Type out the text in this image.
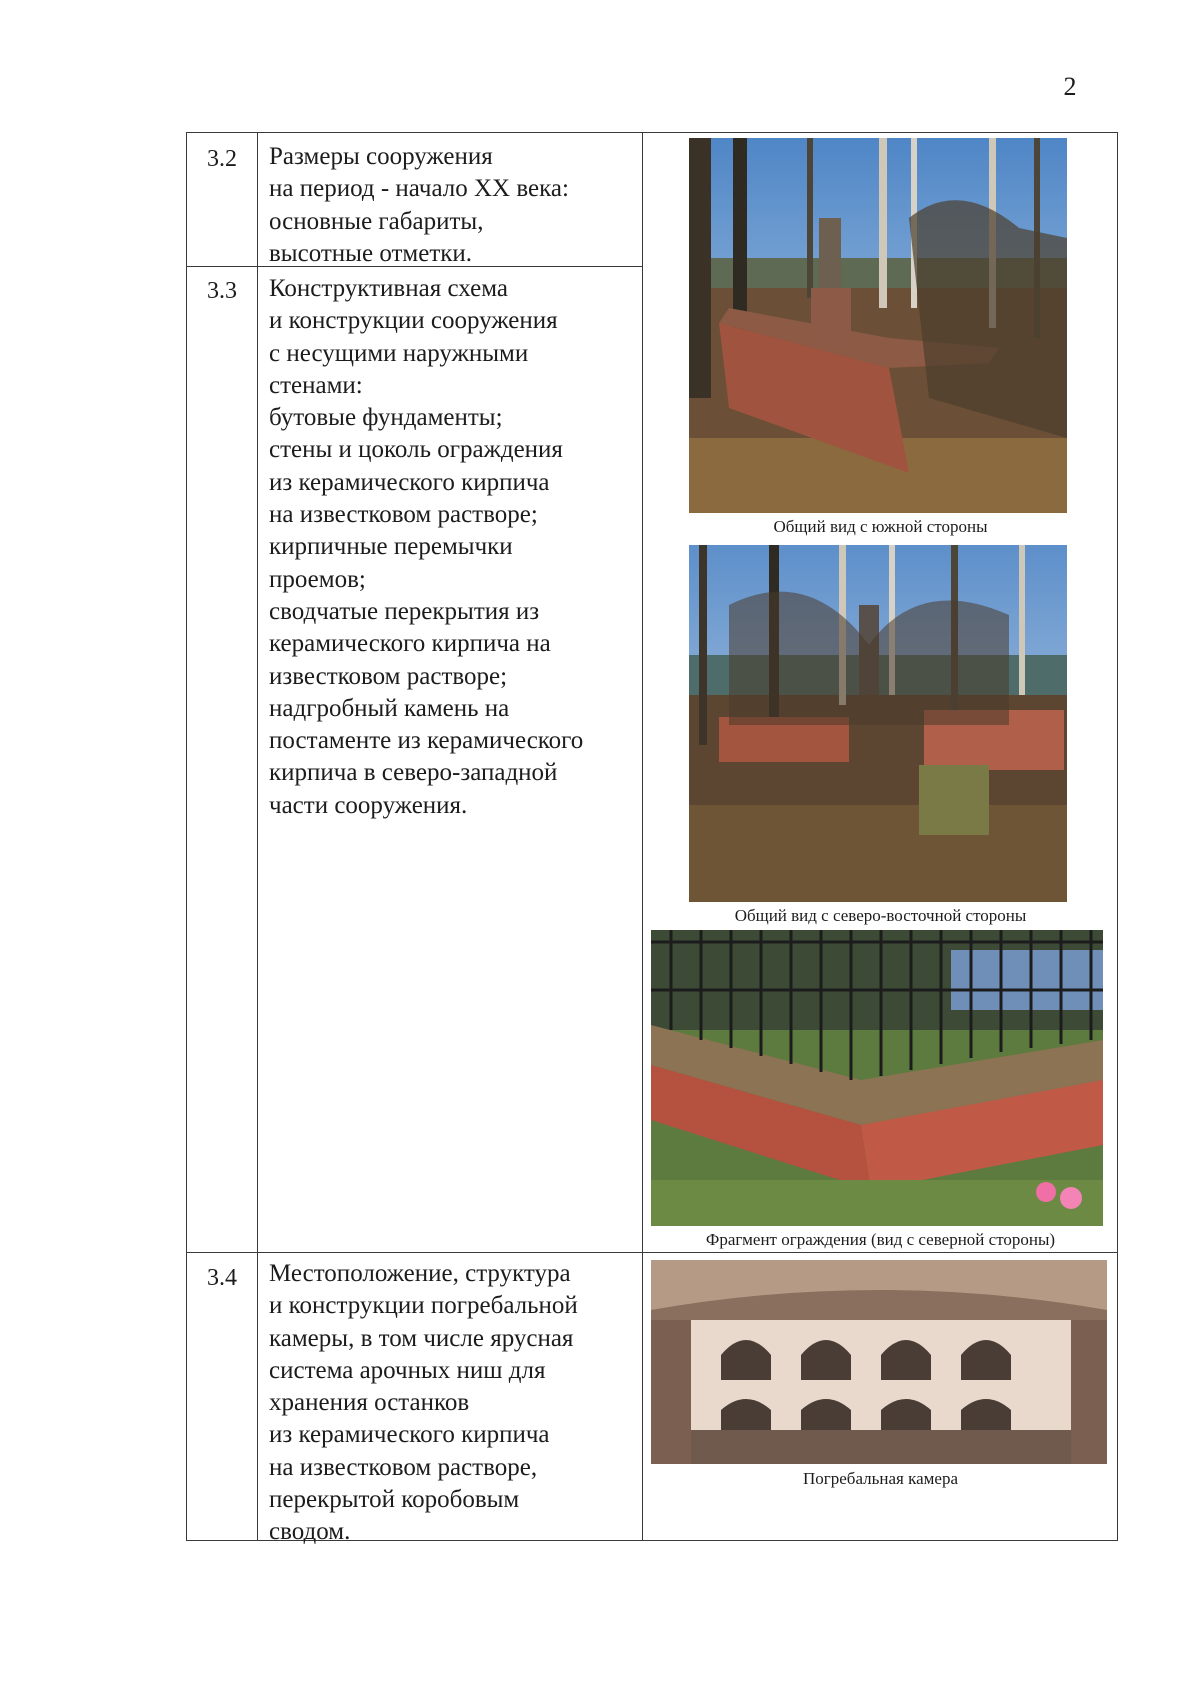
2
3.2	Размеры сооружения
на период - начало XX века:
основные габариты,
высотные отметки.
3.3	Конструктивная схема
и конструкции сооружения
с несущими наружными
стенами:
бутовые фундаменты;
стены и цоколь ограждения
из керамического кирпича
на известковом растворе;
кирпичные перемычки
проемов;
сводчатые перекрытия из
керамического кирпича на
известковом растворе;
надгробный камень на
постаменте из керамического
кирпича в северо-западной
части сооружения.
3.4	Местоположение, структура
и конструкции погребальной
камеры, в том числе ярусная
система арочных ниш для
хранения останков
из керамического кирпича
на известковом растворе,
перекрытой коробовым
сводом.
Общий вид с южной стороны
Общий вид с северо-восточной стороны
Фрагмент ограждения (вид с северной стороны)
Погребальная камера
